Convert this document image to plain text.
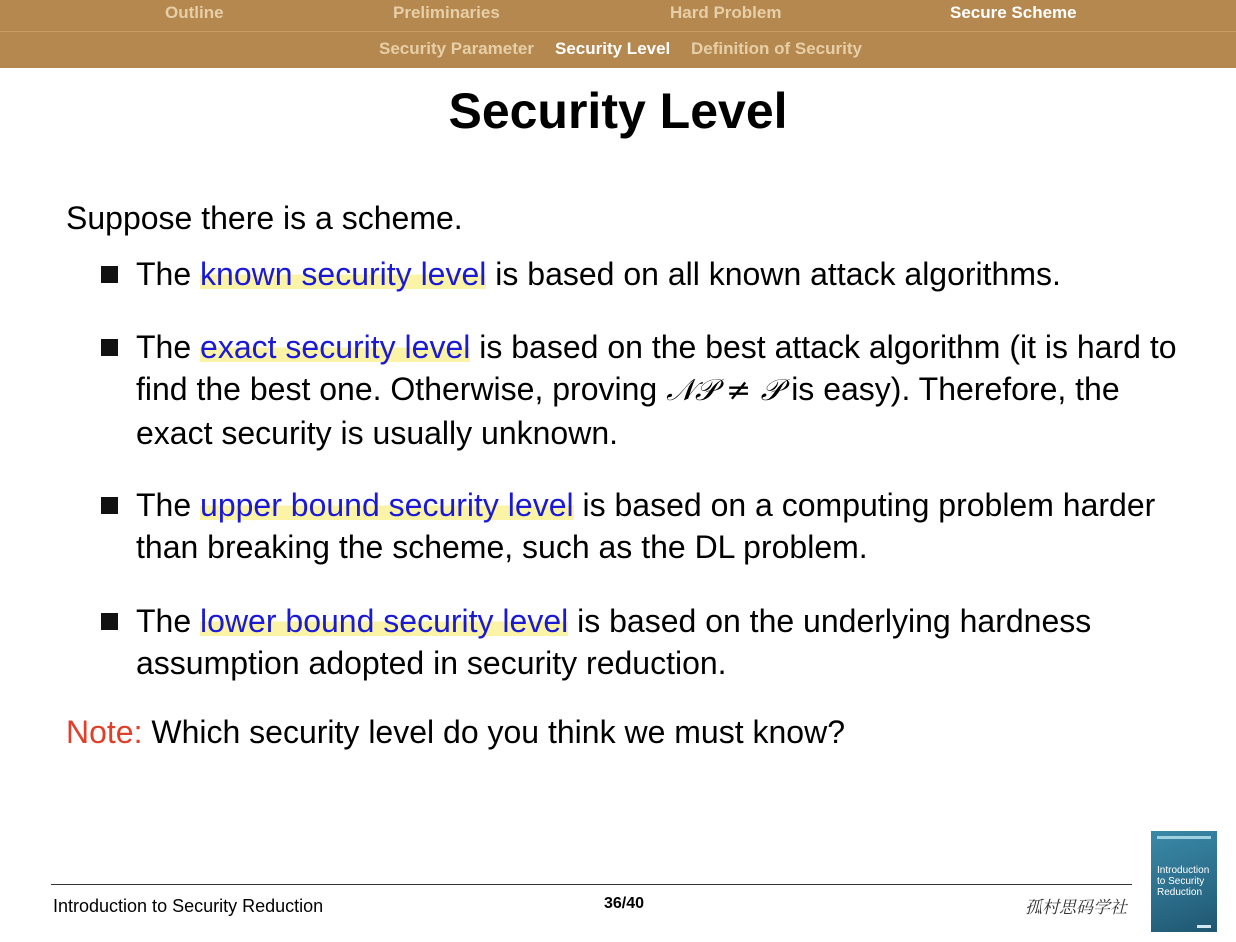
Outline	Preliminaries	Hard Problem	Secure Scheme
Security Parameter Security Level Definition of Security
Security Level
Suppose there is a scheme.
The known security level is based on all known attack algorithms.
The exact security level is based on the best attack algorithm (it is hard to find the best one. Otherwise, proving 𝒩𝒫 ≠ 𝒫 is easy). Therefore, the exact security is usually unknown.
The upper bound security level is based on a computing problem harder than breaking the scheme, such as the DL problem.
The lower bound security level is based on the underlying hardness assumption adopted in security reduction.
Note: Which security level do you think we must know?
Introduction to Security Reduction	36/40	孤村思码学社
Introduction to Security Reduction
